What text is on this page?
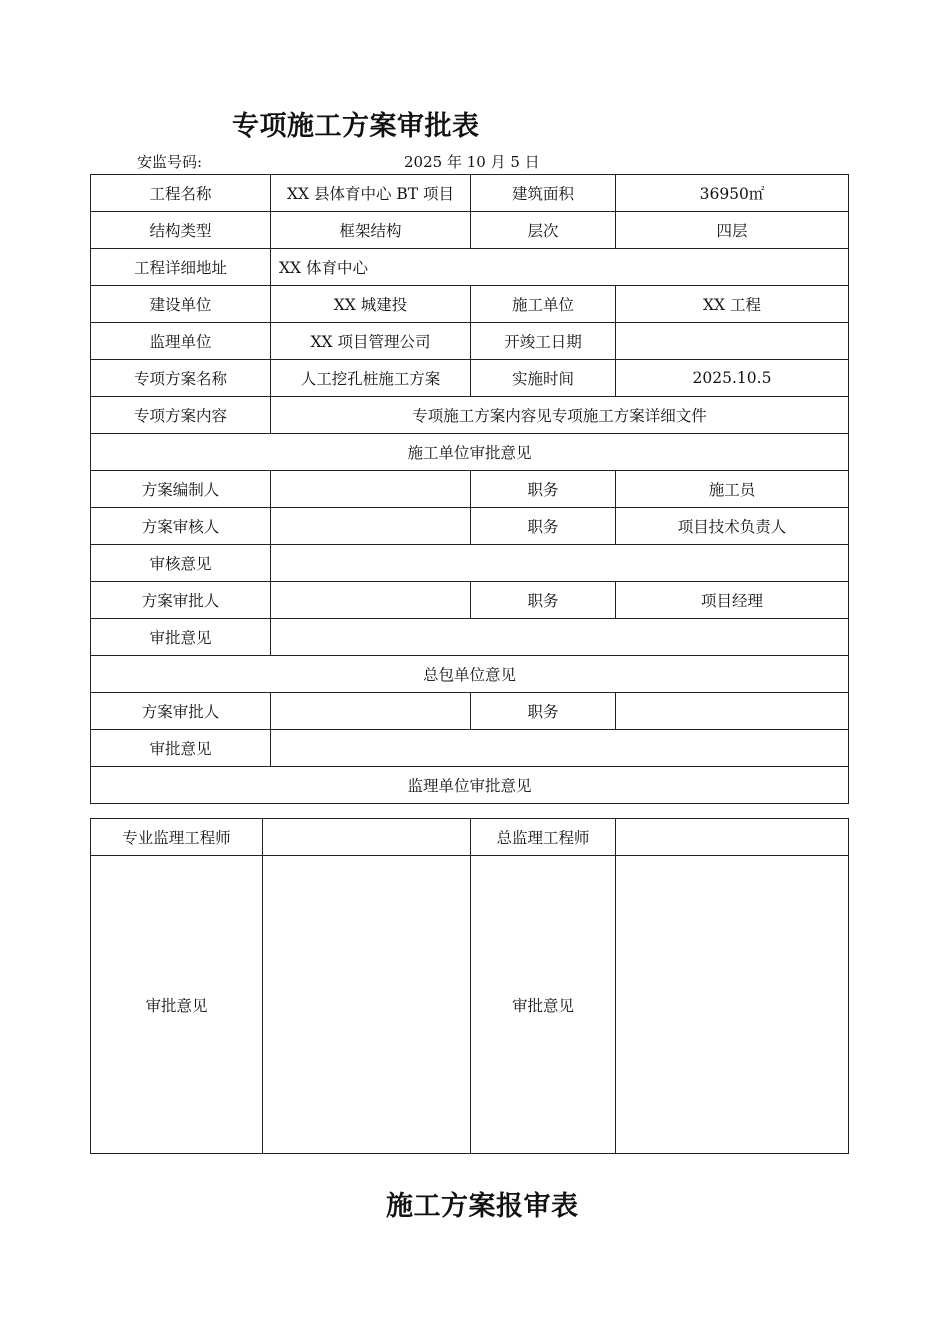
专项施工方案审批表
安监号码:	2025 年 10 月 5 日
工程名称	XX 县体育中心 BT 项目	建筑面积	36950㎡
结构类型	框架结构	层次	四层
工程详细地址	XX 体育中心		
建设单位	XX 城建投	施工单位	XX 工程
监理单位	XX 项目管理公司	开竣工日期	
专项方案名称	人工挖孔桩施工方案	实施时间	2025.10.5
专项方案内容	专项施工方案内容见专项施工方案详细文件		
施工单位审批意见			
方案编制人		职务	施工员
方案审核人		职务	项目技术负责人
审核意见			
方案审批人		职务	项目经理
审批意见			
总包单位意见			
方案审批人		职务	
审批意见			
监理单位审批意见			
专业监理工程师		总监理工程师	
审批意见		审批意见	
施工方案报审表
